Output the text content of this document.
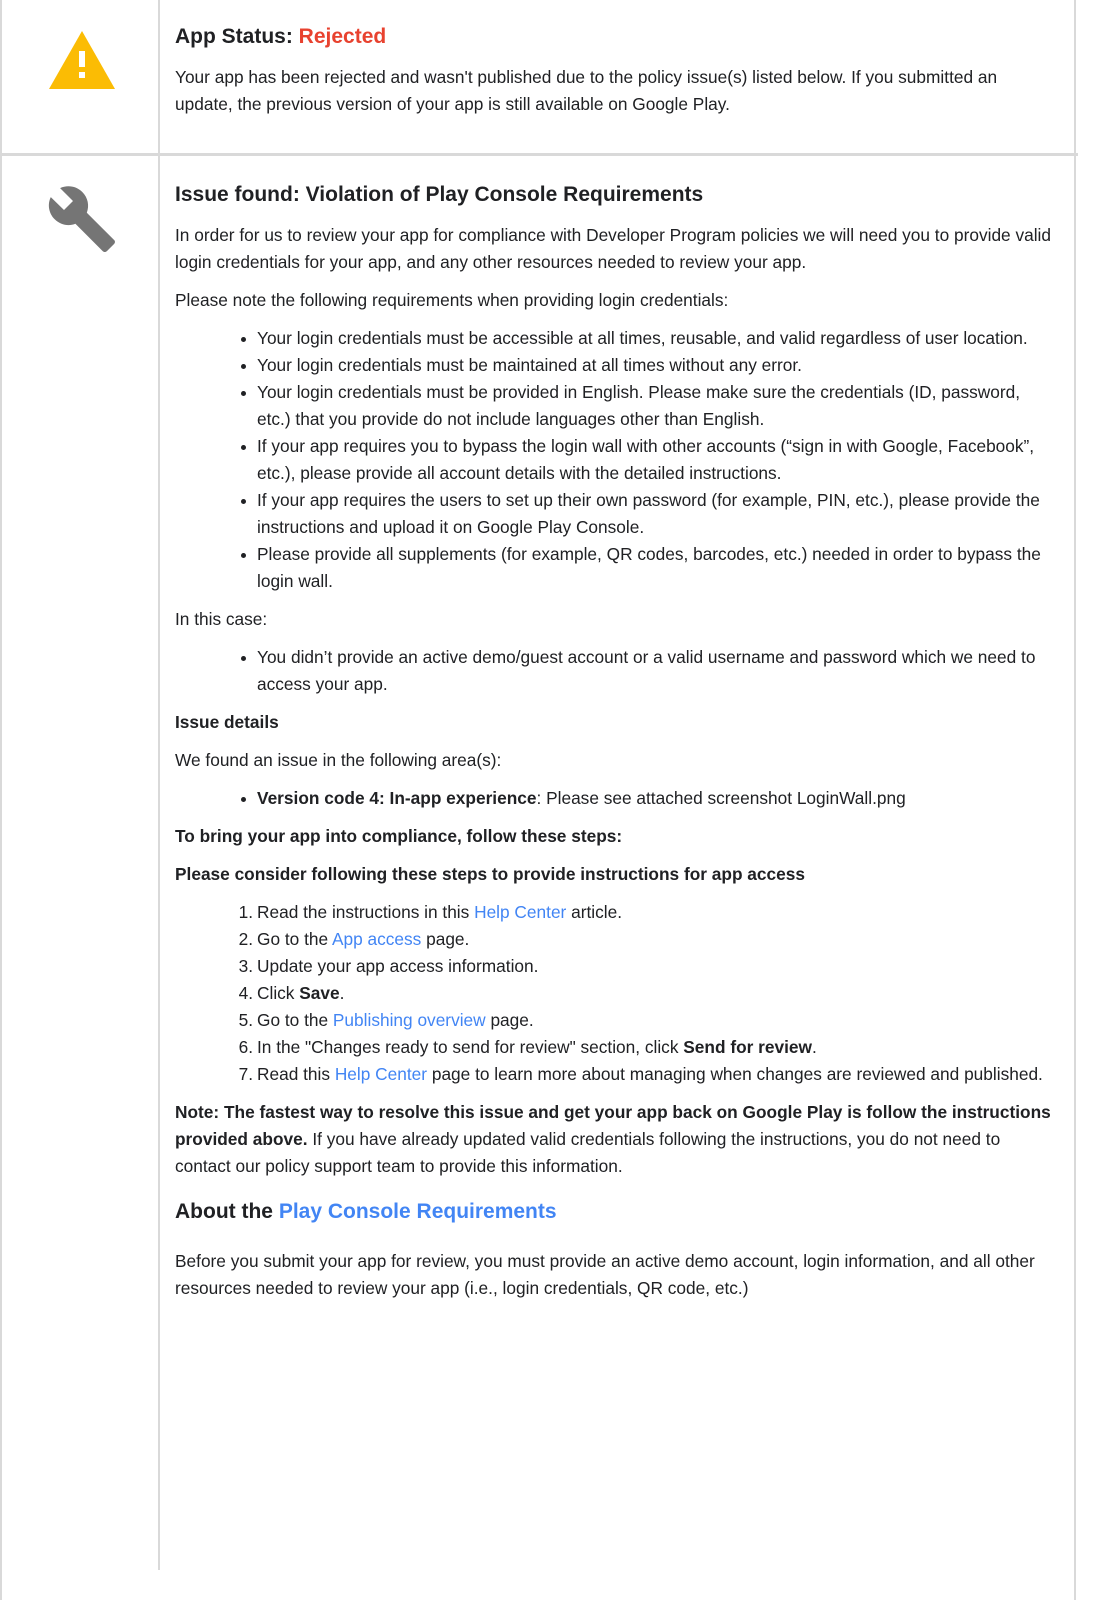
App Status: Rejected

Your app has been rejected and wasn't published due to the policy issue(s) listed below. If you submitted an update, the previous version of your app is still available on Google Play.

Issue found: Violation of Play Console Requirements

In order for us to review your app for compliance with Developer Program policies we will need you to provide valid login credentials for your app, and any other resources needed to review your app.

Please note the following requirements when providing login credentials:

Your login credentials must be accessible at all times, reusable, and valid regardless of user location.
Your login credentials must be maintained at all times without any error.
Your login credentials must be provided in English. Please make sure the credentials (ID, password, etc.) that you provide do not include languages other than English.
If your app requires you to bypass the login wall with other accounts (“sign in with Google, Facebook”, etc.), please provide all account details with the detailed instructions.
If your app requires the users to set up their own password (for example, PIN, etc.), please provide the instructions and upload it on Google Play Console.
Please provide all supplements (for example, QR codes, barcodes, etc.) needed in order to bypass the login wall.

In this case:

You didn’t provide an active demo/guest account or a valid username and password which we need to access your app.

Issue details

We found an issue in the following area(s):

Version code 4: In-app experience: Please see attached screenshot LoginWall.png

To bring your app into compliance, follow these steps:

Please consider following these steps to provide instructions for app access

1. Read the instructions in this Help Center article.
2. Go to the App access page.
3. Update your app access information.
4. Click Save.
5. Go to the Publishing overview page.
6. In the "Changes ready to send for review" section, click Send for review.
7. Read this Help Center page to learn more about managing when changes are reviewed and published.

Note: The fastest way to resolve this issue and get your app back on Google Play is follow the instructions provided above. If you have already updated valid credentials following the instructions, you do not need to contact our policy support team to provide this information.

About the Play Console Requirements

Before you submit your app for review, you must provide an active demo account, login information, and all other resources needed to review your app (i.e., login credentials, QR code, etc.)
